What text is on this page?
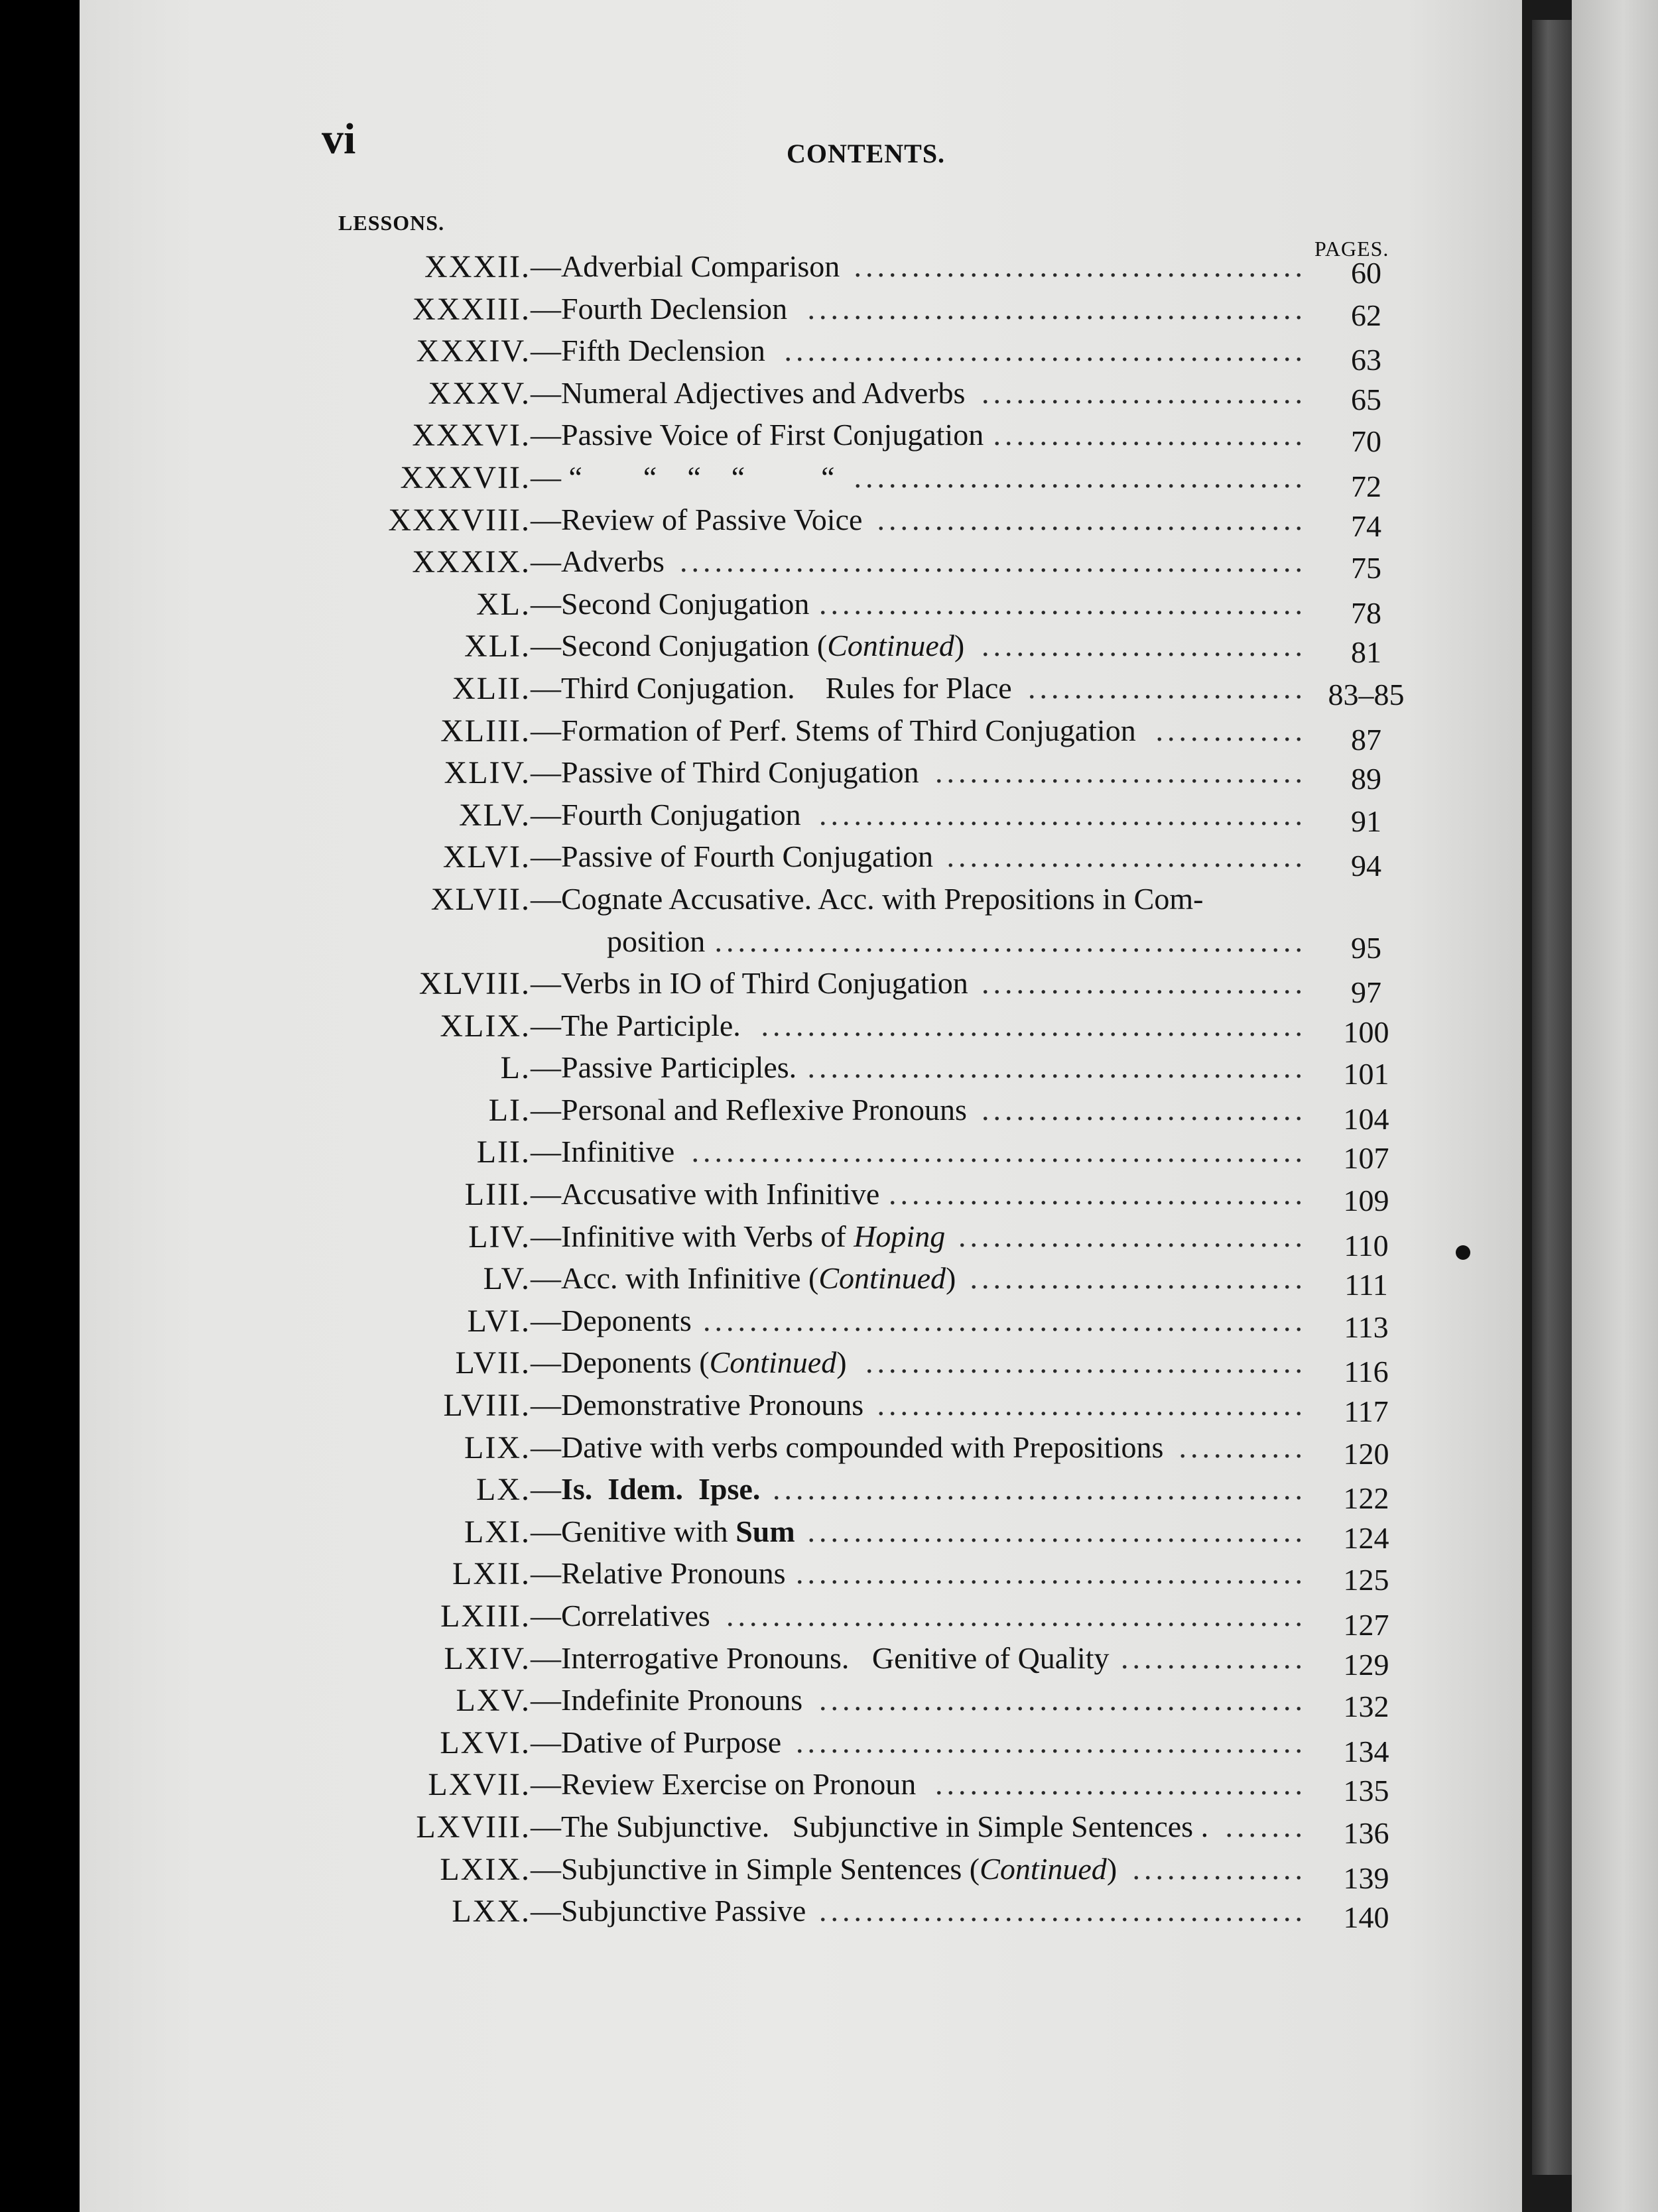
vi	CONTENTS.
LESSONS.
PAGES.
XXXII. —Adverbial Comparison	60
.......................................
XXXIII. —Fourth Declension	62
...........................................
XXXIV. —Fifth Declension	63
.............................................
XXXV. —Numeral Adjectives and Adverbs	65
............................
XXXVI. —Passive Voice of First Conjugation	70
...........................
XXXVII. — “        “    “    “          “	72
.......................................
XXXVIII. —Review of Passive Voice	74
.....................................
XXXIX. —Adverbs	75
......................................................
XL. —Second Conjugation	78
..........................................
XLI. —Second Conjugation (Continued)	81
............................
XLII. —Third Conjugation.    Rules for Place	83–85
........................
XLIII. —Formation of Perf. Stems of Third Conjugation	87
.............
XLIV. —Passive of Third Conjugation	89
................................
XLV. —Fourth Conjugation	91
..........................................
XLVI. —Passive of Fourth Conjugation	94
...............................
XLVII. —Cognate Accusative. Acc. with Prepositions in Com-
position	95
...................................................
XLVIII. —Verbs in IO of Third Conjugation	97
............................
XLIX. —The Participle.	100
...............................................
L. —Passive Participles.	101
...........................................
LI. —Personal and Reflexive Pronouns	104
............................
LII. —Infinitive	107
.....................................................
LIII. —Accusative with Infinitive	109
....................................
LIV. —Infinitive with Verbs of Hoping	110
..............................
LV. —Acc. with Infinitive (Continued)	111
.............................
LVI. —Deponents	113
....................................................
LVII. —Deponents (Continued)	116
......................................
LVIII. —Demonstrative Pronouns	117
.....................................
LIX. —Dative with verbs compounded with Prepositions	120
...........
LX. —Is.  Idem.  Ipse.	122
..............................................
LXI. —Genitive with Sum	124
...........................................
LXII. —Relative Pronouns	125
............................................
LXIII. —Correlatives	127
..................................................
LXIV. —Interrogative Pronouns.   Genitive of Quality	129
................
LXV. —Indefinite Pronouns	132
..........................................
LXVI. —Dative of Purpose	134
............................................
LXVII. —Review Exercise on Pronoun	135
................................
LXVIII. —The Subjunctive.   Subjunctive in Simple Sentences .	136
.......
LXIX. —Subjunctive in Simple Sentences (Continued)	139
...............
LXX. —Subjunctive Passive	140
..........................................
